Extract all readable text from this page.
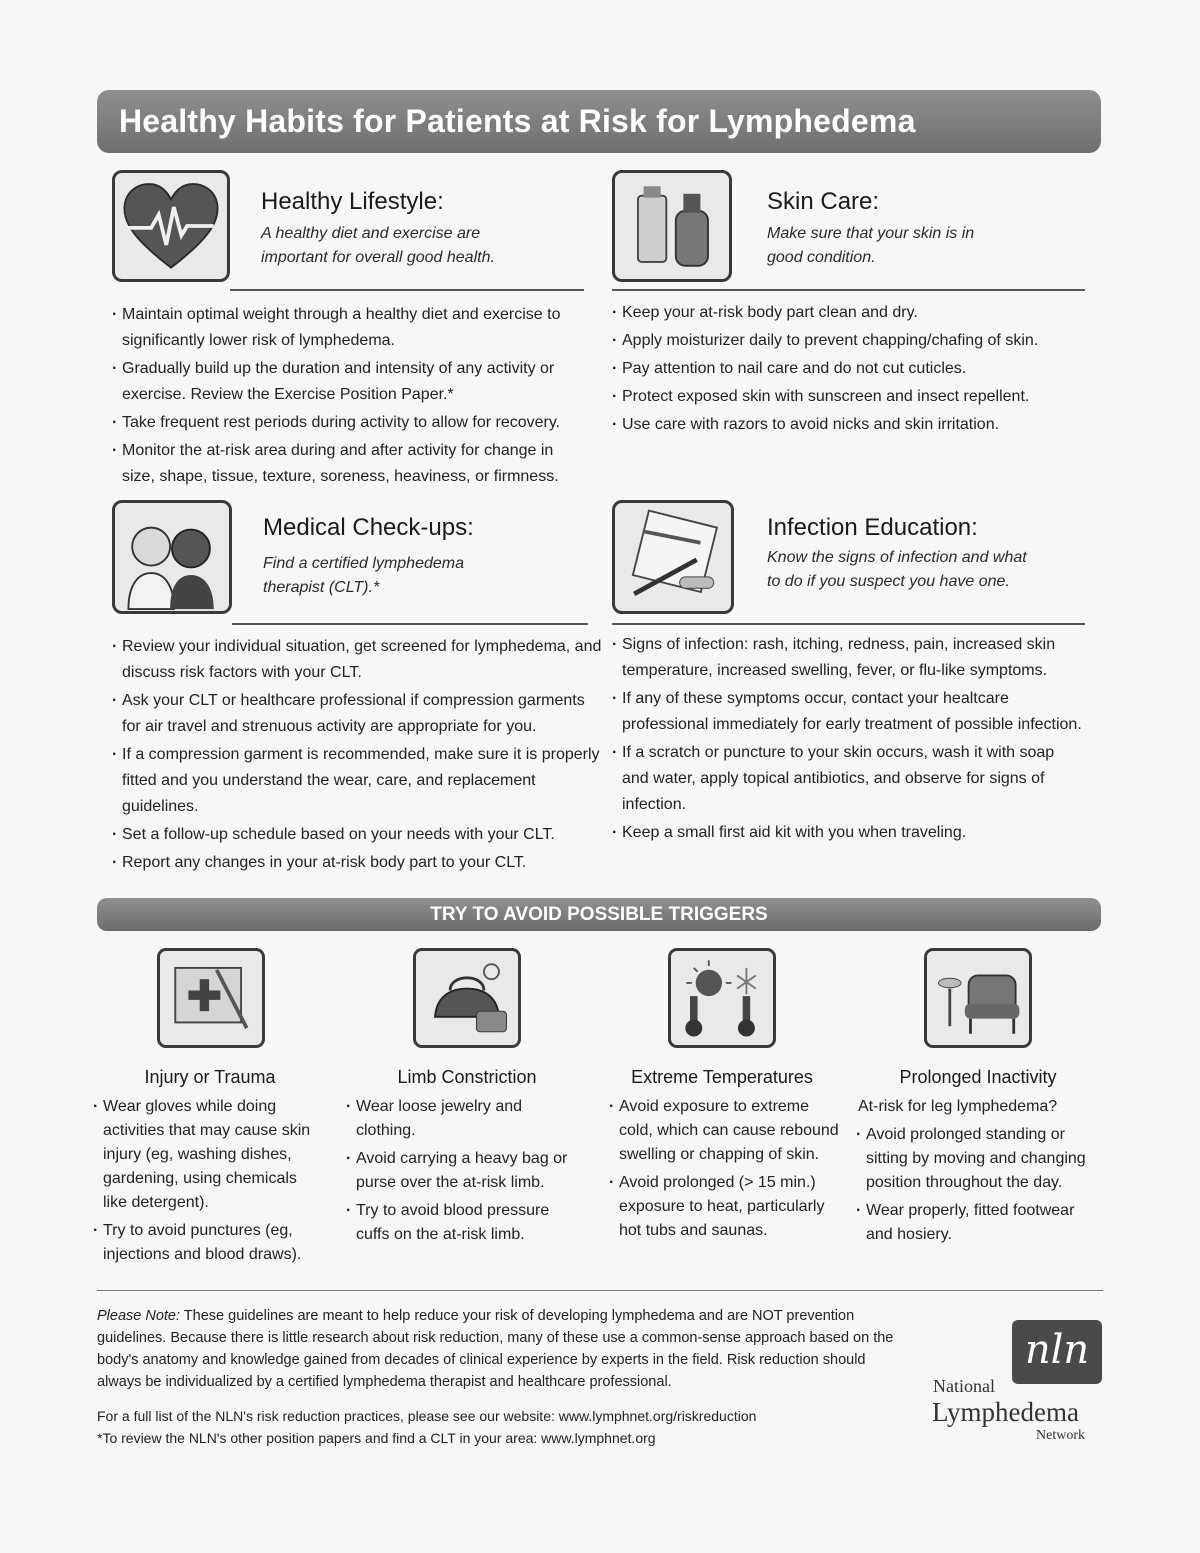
Healthy Habits for Patients at Risk for Lymphedema
Healthy Lifestyle:
A healthy diet and exercise are
important for overall good health.
· Maintain optimal weight through a healthy diet and exercise to significantly lower risk of lymphedema.
· Gradually build up the duration and intensity of any activity or exercise. Review the Exercise Position Paper.*
· Take frequent rest periods during activity to allow for recovery.
· Monitor the at-risk area during and after activity for change in size, shape, tissue, texture, soreness, heaviness, or firmness.
Skin Care:
Make sure that your skin is in
good condition.
· Keep your at-risk body part clean and dry.
· Apply moisturizer daily to prevent chapping/chafing of skin.
· Pay attention to nail care and do not cut cuticles.
· Protect exposed skin with sunscreen and insect repellent.
· Use care with razors to avoid nicks and skin irritation.
Medical Check-ups:
Find a certified lymphedema
therapist (CLT).*
· Review your individual situation, get screened for lymphedema, and discuss risk factors with your CLT.
· Ask your CLT or healthcare professional if compression garments for air travel and strenuous activity are appropriate for you.
· If a compression garment is recommended, make sure it is properly fitted and you understand the wear, care, and replacement guidelines.
· Set a follow-up schedule based on your needs with your CLT.
· Report any changes in your at-risk body part to your CLT.
Infection Education:
Know the signs of infection and what
to do if you suspect you have one.
· Signs of infection: rash, itching, redness, pain, increased skin temperature, increased swelling, fever, or flu-like symptoms.
· If any of these symptoms occur, contact your healtcare professional immediately for early treatment of possible infection.
· If a scratch or puncture to your skin occurs, wash it with soap and water, apply topical antibiotics, and observe for signs of infection.
· Keep a small first aid kit with you when traveling.
TRY TO AVOID POSSIBLE TRIGGERS
Injury or Trauma
· Wear gloves while doing activities that may cause skin injury (eg, washing dishes, gardening, using chemicals like detergent).
· Try to avoid punctures (eg, injections and blood draws).
Limb Constriction
· Wear loose jewelry and clothing.
· Avoid carrying a heavy bag or purse over the at-risk limb.
· Try to avoid blood pressure cuffs on the at-risk limb.
Extreme Temperatures
· Avoid exposure to extreme cold, which can cause rebound swelling or chapping of skin.
· Avoid prolonged (> 15 min.) exposure to heat, particularly hot tubs and saunas.
Prolonged Inactivity
At-risk for leg lymphedema?
· Avoid prolonged standing or sitting by moving and changing position throughout the day.
· Wear properly, fitted footwear and hosiery.
Please Note: These guidelines are meant to help reduce your risk of developing lymphedema and are NOT prevention guidelines. Because there is little research about risk reduction, many of these use a common-sense approach based on the body's anatomy and knowledge gained from decades of clinical experience by experts in the field. Risk reduction should always be individualized by a certified lymphedema therapist and healthcare professional.
For a full list of the NLN's risk reduction practices, please see our website: www.lymphnet.org/riskreduction
*To review the NLN's other position papers and find a CLT in your area: www.lymphnet.org
nln
National
Lymphedema
Network
